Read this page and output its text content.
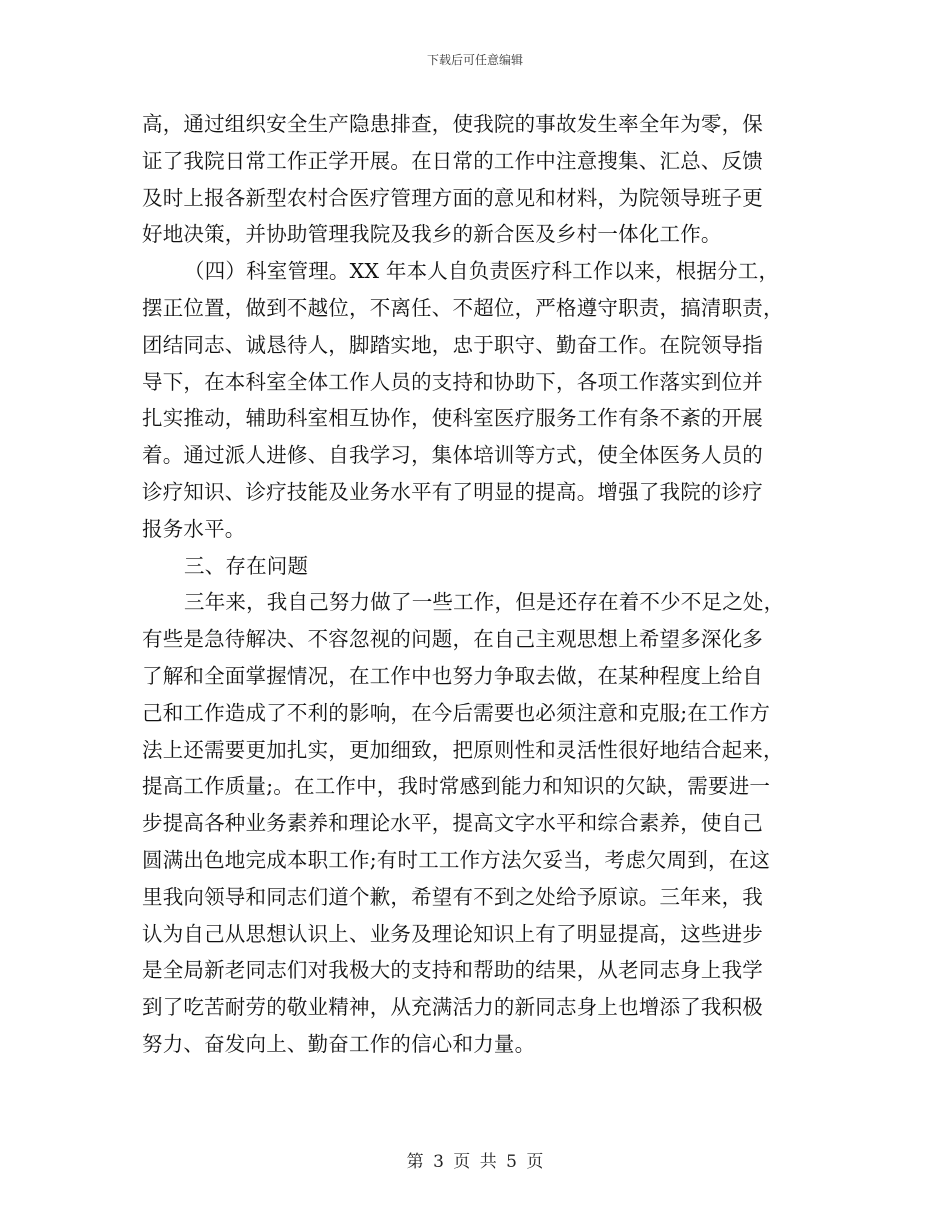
下载后可任意编辑
高，通过组织安全生产隐患排查，使我院的事故发生率全年为零，保
证了我院日常工作正学开展。在日常的工作中注意搜集、汇总、反馈
及时上报各新型农村合医疗管理方面的意见和材料，为院领导班子更
好地决策，并协助管理我院及我乡的新合医及乡村一体化工作。
（四）科室管理。XX 年本人自负责医疗科工作以来，根据分工，
摆正位置，做到不越位，不离任、不超位，严格遵守职责，搞清职责，
团结同志、诚恳待人，脚踏实地，忠于职守、勤奋工作。在院领导指
导下，在本科室全体工作人员的支持和协助下，各项工作落实到位并
扎实推动，辅助科室相互协作，使科室医疗服务工作有条不紊的开展
着。通过派人进修、自我学习，集体培训等方式，使全体医务人员的
诊疗知识、诊疗技能及业务水平有了明显的提高。增强了我院的诊疗
报务水平。
三、存在问题
三年来，我自己努力做了一些工作，但是还存在着不少不足之处，
有些是急待解决、不容忽视的问题，在自己主观思想上希望多深化多
了解和全面掌握情况，在工作中也努力争取去做，在某种程度上给自
己和工作造成了不利的影响，在今后需要也必须注意和克服;在工作方
法上还需要更加扎实，更加细致，把原则性和灵活性很好地结合起来，
提高工作质量;。在工作中，我时常感到能力和知识的欠缺，需要进一
步提高各种业务素养和理论水平，提高文字水平和综合素养，使自己
圆满出色地完成本职工作;有时工工作方法欠妥当，考虑欠周到，在这
里我向领导和同志们道个歉，希望有不到之处给予原谅。三年来，我
认为自己从思想认识上、业务及理论知识上有了明显提高，这些进步
是全局新老同志们对我极大的支持和帮助的结果，从老同志身上我学
到了吃苦耐劳的敬业精神，从充满活力的新同志身上也增添了我积极
努力、奋发向上、勤奋工作的信心和力量。
第 3 页 共 5 页
